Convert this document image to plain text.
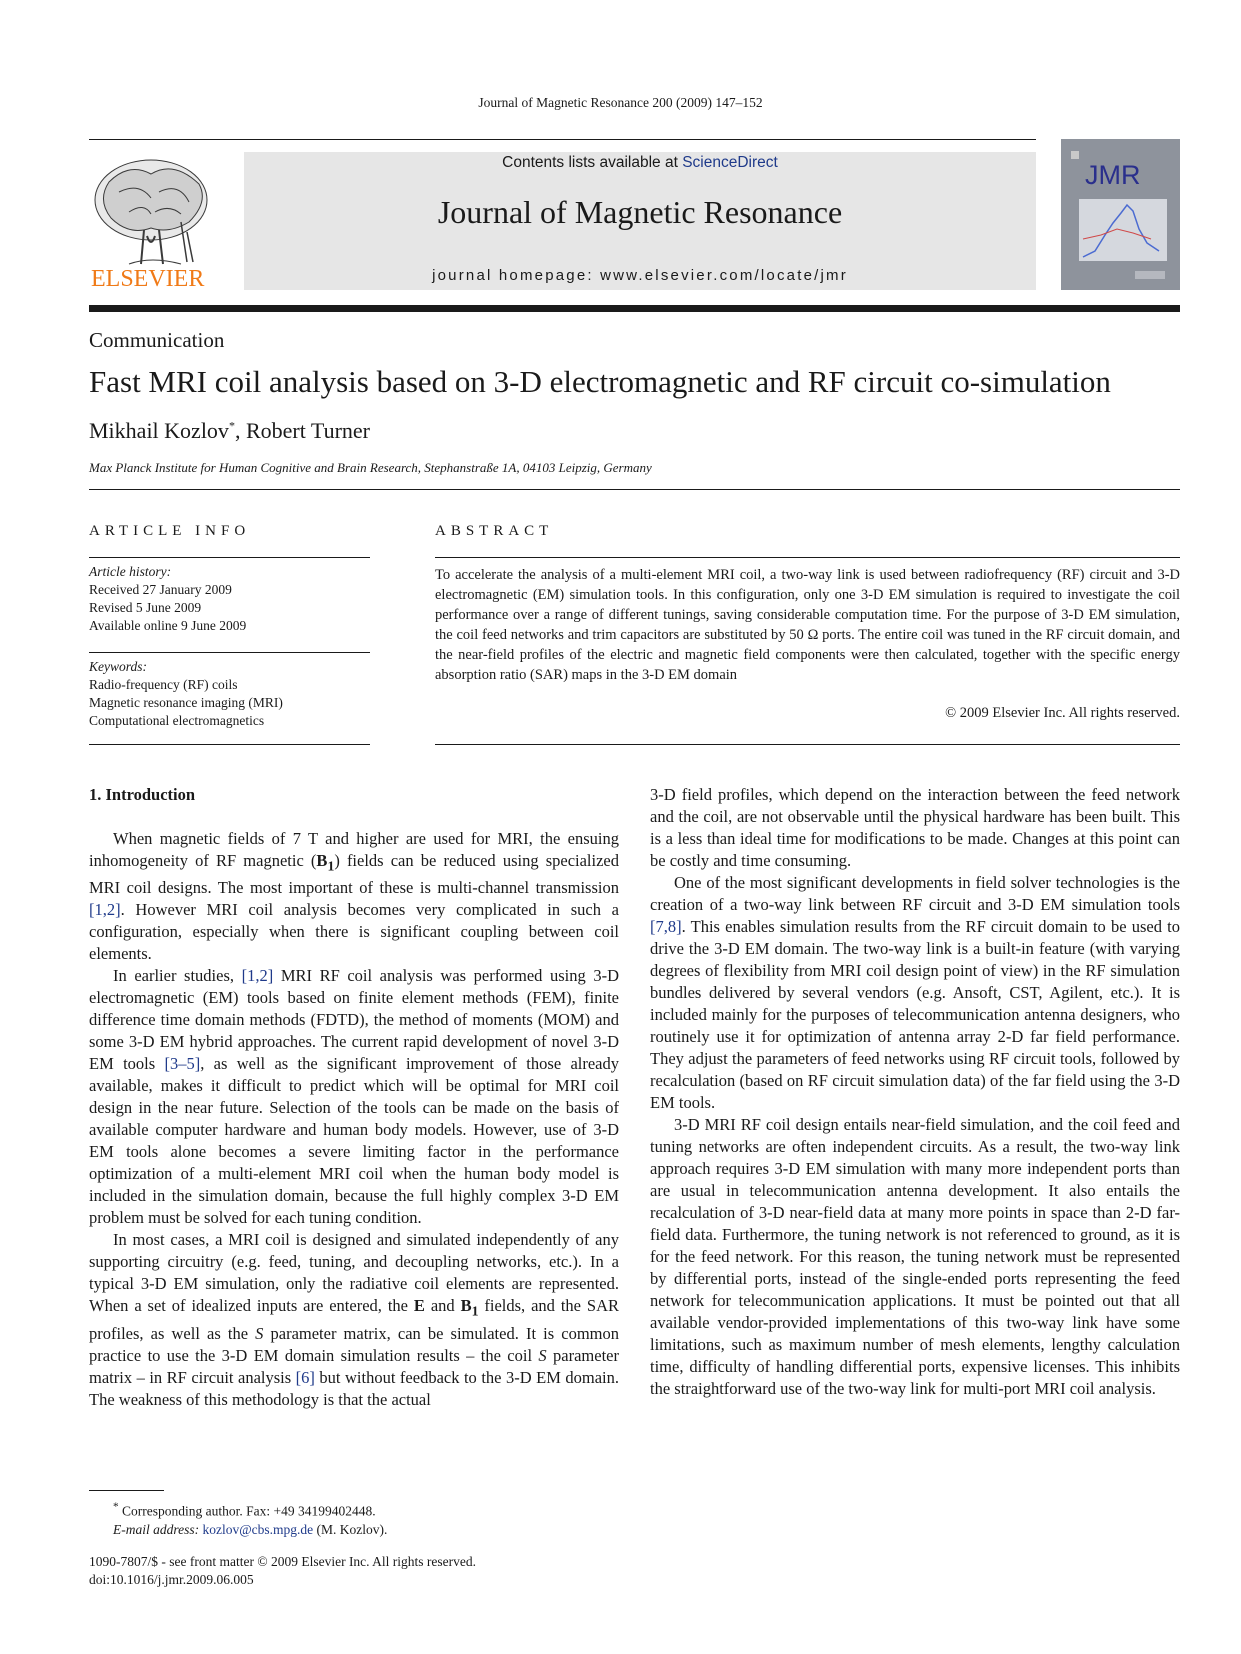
Journal of Magnetic Resonance 200 (2009) 147–152
ELSEVIER
Contents lists available at ScienceDirect
Journal of Magnetic Resonance
journal homepage: www.elsevier.com/locate/jmr
JMR
Communication
Fast MRI coil analysis based on 3-D electromagnetic and RF circuit co-simulation
Mikhail Kozlov*, Robert Turner
Max Planck Institute for Human Cognitive and Brain Research, Stephanstraße 1A, 04103 Leipzig, Germany
ARTICLE INFO
Article history:
Received 27 January 2009
Revised 5 June 2009
Available online 9 June 2009
Keywords:
Radio-frequency (RF) coils
Magnetic resonance imaging (MRI)
Computational electromagnetics
ABSTRACT
To accelerate the analysis of a multi-element MRI coil, a two-way link is used between radiofrequency (RF) circuit and 3-D electromagnetic (EM) simulation tools. In this configuration, only one 3-D EM simulation is required to investigate the coil performance over a range of different tunings, saving considerable computation time. For the purpose of 3-D EM simulation, the coil feed networks and trim capacitors are substituted by 50 Ω ports. The entire coil was tuned in the RF circuit domain, and the near-field profiles of the electric and magnetic field components were then calculated, together with the specific energy absorption ratio (SAR) maps in the 3-D EM domain
© 2009 Elsevier Inc. All rights reserved.
1. Introduction

When magnetic fields of 7 T and higher are used for MRI, the ensuing inhomogeneity of RF magnetic $(B_1)$ fields can be reduced using specialized MRI coil designs. The most important of these is multi-channel transmission [1,2]. However MRI coil analysis becomes very complicated in such a configuration, especially when there is significant coupling between coil elements.

In earlier studies, [1,2] MRI RF coil analysis was performed using 3-D electromagnetic (EM) tools based on finite element methods (FEM), finite difference time domain methods (FDTD), the method of moments (MOM) and some 3-D EM hybrid approaches. The current rapid development of novel 3-D EM tools [3–5], as well as the significant improvement of those already available, makes it difficult to predict which will be optimal for MRI coil design in the near future. Selection of the tools can be made on the basis of available computer hardware and human body models. However, use of 3-D EM tools alone becomes a severe limiting factor in the performance optimization of a multi-element MRI coil when the human body model is included in the simulation domain, because the full highly complex 3-D EM problem must be solved for each tuning condition.

In most cases, a MRI coil is designed and simulated independently of any supporting circuitry (e.g. feed, tuning, and decoupling networks, etc.). In a typical 3-D EM simulation, only the radiative coil elements are represented. When a set of idealized inputs are entered, the E and $B_1$ fields, and the SAR profiles, as well as the S parameter matrix, can be simulated. It is common practice to use the 3-D EM domain simulation results – the coil S parameter matrix – in RF circuit analysis [6] but without feedback to the 3-D EM domain. The weakness of this methodology is that the actual

3-D field profiles, which depend on the interaction between the feed network and the coil, are not observable until the physical hardware has been built. This is a less than ideal time for modifications to be made. Changes at this point can be costly and time consuming.

One of the most significant developments in field solver technologies is the creation of a two-way link between RF circuit and 3-D EM simulation tools [7,8]. This enables simulation results from the RF circuit domain to be used to drive the 3-D EM domain. The two-way link is a built-in feature (with varying degrees of flexibility from MRI coil design point of view) in the RF simulation bundles delivered by several vendors (e.g. Ansoft, CST, Agilent, etc.). It is included mainly for the purposes of telecommunication antenna designers, who routinely use it for optimization of antenna array 2-D far field performance. They adjust the parameters of feed networks using RF circuit tools, followed by recalculation (based on RF circuit simulation data) of the far field using the 3-D EM tools.

3-D MRI RF coil design entails near-field simulation, and the coil feed and tuning networks are often independent circuits. As a result, the two-way link approach requires 3-D EM simulation with many more independent ports than are usual in telecommunication antenna development. It also entails the recalculation of 3-D near-field data at many more points in space than 2-D far-field data. Furthermore, the tuning network is not referenced to ground, as it is for the feed network. For this reason, the tuning network must be represented by differential ports, instead of the single-ended ports representing the feed network for telecommunication applications. It must be pointed out that all available vendor-provided implementations of this two-way link have some limitations, such as maximum number of mesh elements, lengthy calculation time, difficulty of handling differential ports, expensive licenses. This inhibits the straightforward use of the two-way link for multi-port MRI coil analysis.

* Corresponding author. Fax: +49 34199402448.
E-mail address: kozlov@cbs.mpg.de (M. Kozlov).
1090-7807/$ - see front matter © 2009 Elsevier Inc. All rights reserved.
doi:10.1016/j.jmr.2009.06.005
